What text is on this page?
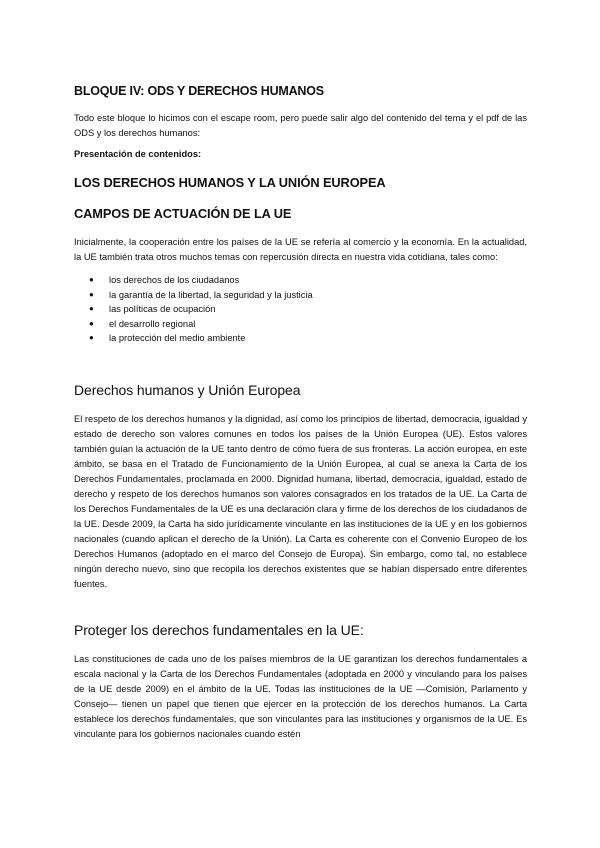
BLOQUE IV: ODS Y DERECHOS HUMANOS

Todo este bloque lo hicimos con el escape room, pero puede salir algo del contenido del tema y el pdf de las ODS y los derechos humanos:

Presentación de contenidos:
LOS DERECHOS HUMANOS Y LA UNIÓN EUROPEA
CAMPOS DE ACTUACIÓN DE LA UE

Inicialmente, la cooperación entre los países de la UE se refería al comercio y la economía. En la actualidad, la UE también trata otros muchos temas con repercusión directa en nuestra vida cotidiana, tales como:

● los derechos de los ciudadanos
● la garantía de la libertad, la seguridad y la justicia
● las políticas de ocupación
● el desarrollo regional
● la protección del medio ambiente
Derechos humanos y Unión Europea

El respeto de los derechos humanos y la dignidad, así como los principios de libertad, democracia, igualdad y estado de derecho son valores comunes en todos los países de la Unión Europea (UE). Estos valores también guían la actuación de la UE tanto dentro de cómo fuera de sus fronteras. La acción europea, en este ámbito, se basa en el Tratado de Funcionamiento de la Unión Europea, al cual se anexa la Carta de los Derechos Fundamentales, proclamada en 2000. Dignidad humana, libertad, democracia, igualdad, estado de derecho y respeto de los derechos humanos son valores consagrados en los tratados de la UE. La Carta de los Derechos Fundamentales de la UE es una declaración clara y firme de los derechos de los ciudadanos de la UE. Desde 2009, la Carta ha sido jurídicamente vinculante en las instituciones de la UE y en los gobiernos nacionales (cuando aplican el derecho de la Unión). La Carta es coherente con el Convenio Europeo de los Derechos Humanos (adoptado en el marco del Consejo de Europa). Sin embargo, como tal, no establece ningún derecho nuevo, sino que recopila los derechos existentes que se habían dispersado entre diferentes fuentes.

Proteger los derechos fundamentales en la UE:

Las constituciones de cada uno de los países miembros de la UE garantizan los derechos fundamentales a escala nacional y la Carta de los Derechos Fundamentales (adoptada en 2000 y vinculando para los países de la UE desde 2009) en el ámbito de la UE. Todas las instituciones de la UE —Comisión, Parlamento y Consejo— tienen un papel que tienen que ejercer en la protección de los derechos humanos. La Carta establece los derechos fundamentales, que son vinculantes para las instituciones y organismos de la UE. Es vinculante para los gobiernos nacionales cuando estén
